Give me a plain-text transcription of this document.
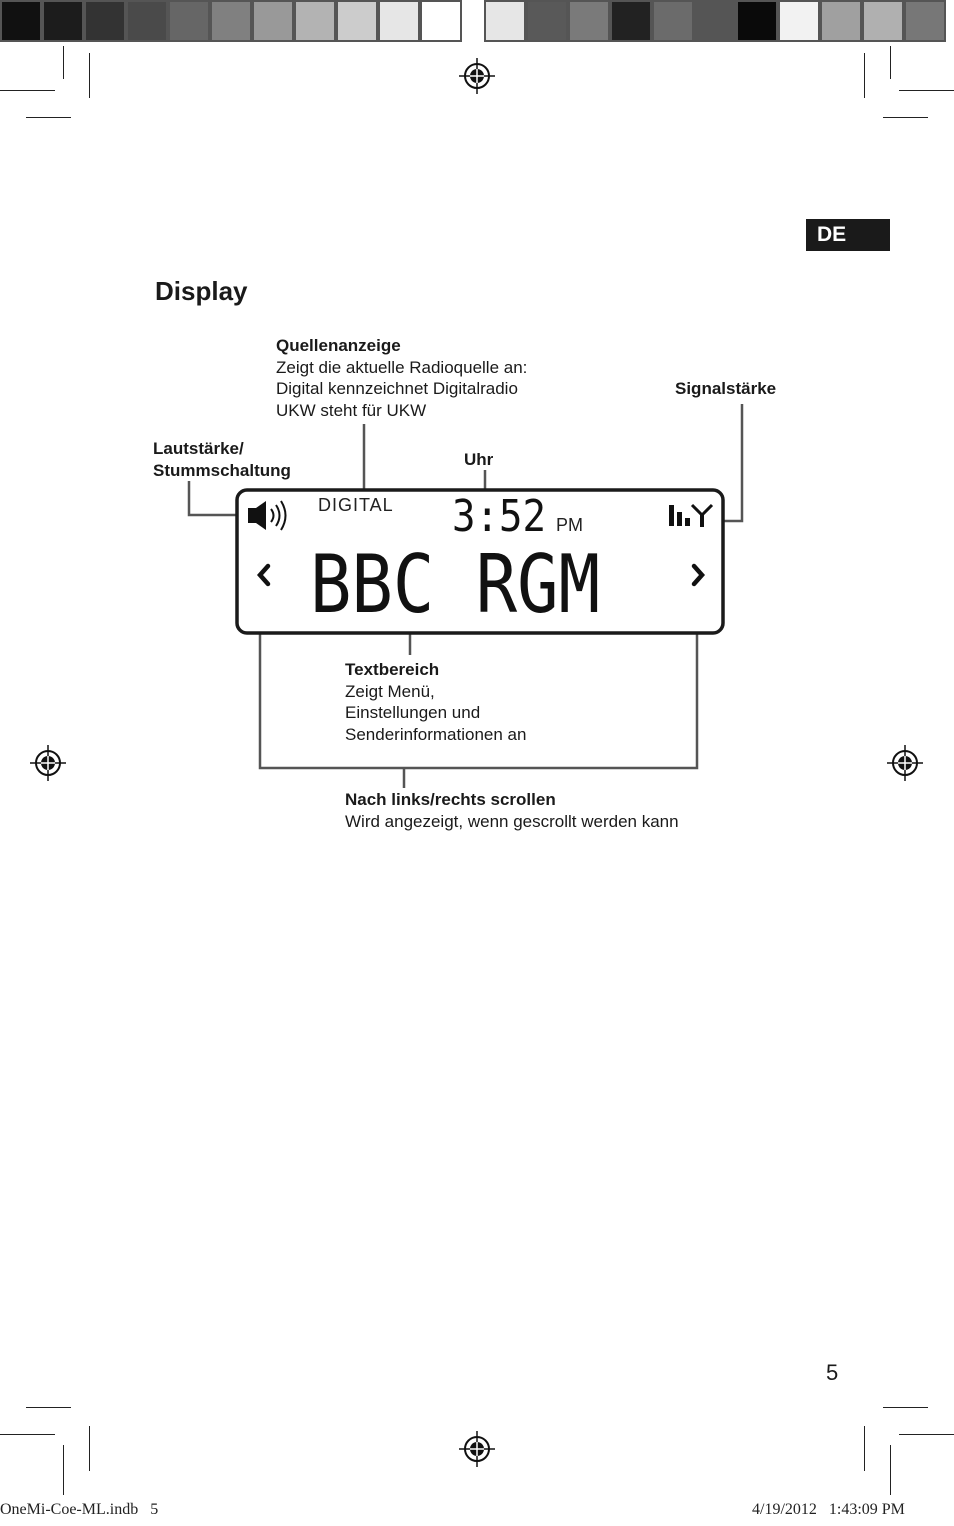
DE
Display
Quellenanzeige
Zeigt die aktuelle Radioquelle an:
Digital kennzeichnet Digitalradio
UKW steht für UKW
Signalstärke
Lautstärke/
Stummschaltung
Uhr
Textbereich
Zeigt Menü,
Einstellungen und
Senderinformationen an
Nach links/rechts scrollen
Wird angezeigt, wenn gescrollt werden kann
DIGITAL 3:52 PM
BBC RGM
5
OneMi-Coe-ML.indb   5	4/19/2012   1:43:09 PM
